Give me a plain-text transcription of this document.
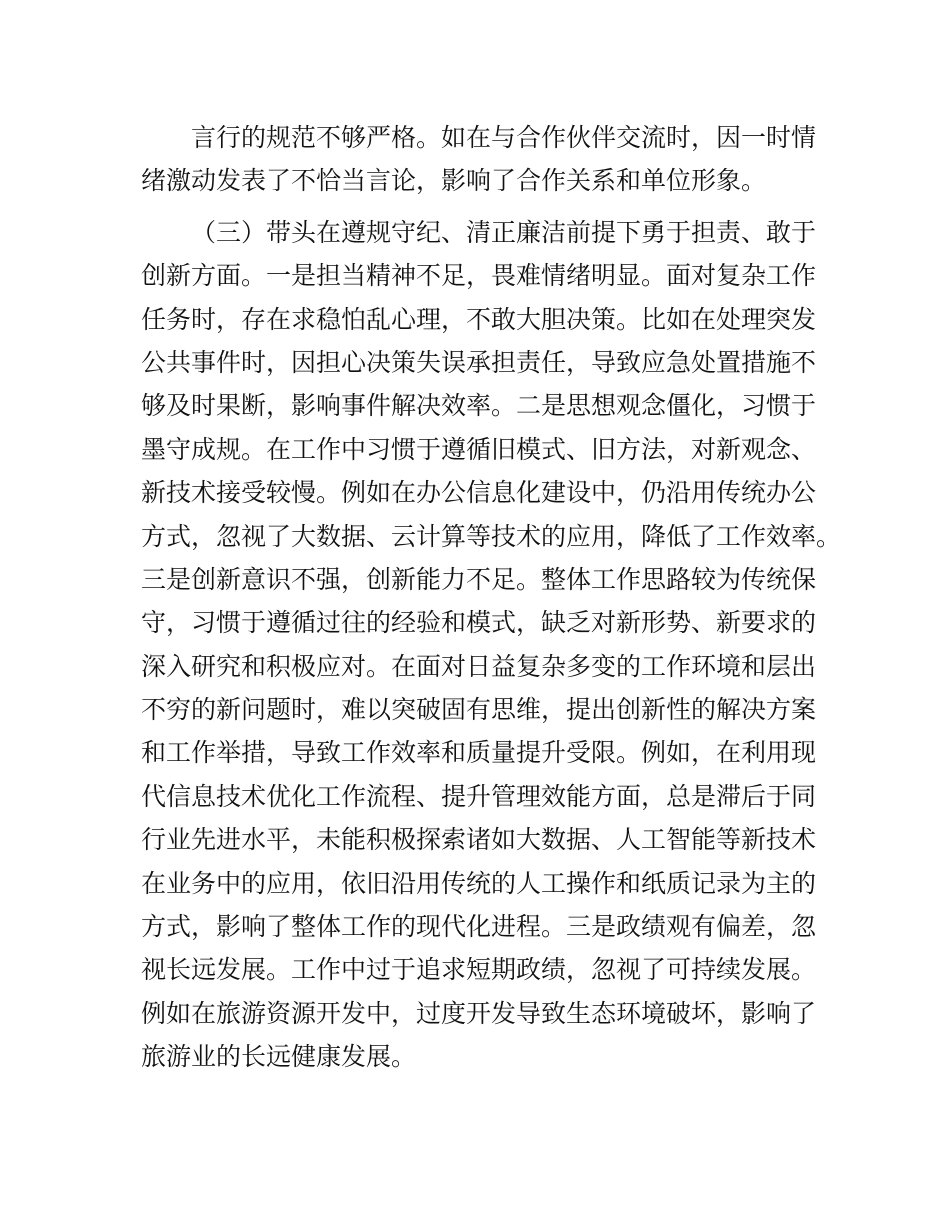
言行的规范不够严格。如在与合作伙伴交流时，因一时情
绪激动发表了不恰当言论，影响了合作关系和单位形象。
（三）带头在遵规守纪、清正廉洁前提下勇于担责、敢于
创新方面。一是担当精神不足，畏难情绪明显。面对复杂工作
任务时，存在求稳怕乱心理，不敢大胆决策。比如在处理突发
公共事件时，因担心决策失误承担责任，导致应急处置措施不
够及时果断，影响事件解决效率。二是思想观念僵化，习惯于
墨守成规。在工作中习惯于遵循旧模式、旧方法，对新观念、
新技术接受较慢。例如在办公信息化建设中，仍沿用传统办公
方式，忽视了大数据、云计算等技术的应用，降低了工作效率。
三是创新意识不强，创新能力不足。整体工作思路较为传统保
守，习惯于遵循过往的经验和模式，缺乏对新形势、新要求的
深入研究和积极应对。在面对日益复杂多变的工作环境和层出
不穷的新问题时，难以突破固有思维，提出创新性的解决方案
和工作举措，导致工作效率和质量提升受限。例如，在利用现
代信息技术优化工作流程、提升管理效能方面，总是滞后于同
行业先进水平，未能积极探索诸如大数据、人工智能等新技术
在业务中的应用，依旧沿用传统的人工操作和纸质记录为主的
方式，影响了整体工作的现代化进程。三是政绩观有偏差，忽
视长远发展。工作中过于追求短期政绩，忽视了可持续发展。
例如在旅游资源开发中，过度开发导致生态环境破坏，影响了
旅游业的长远健康发展。
